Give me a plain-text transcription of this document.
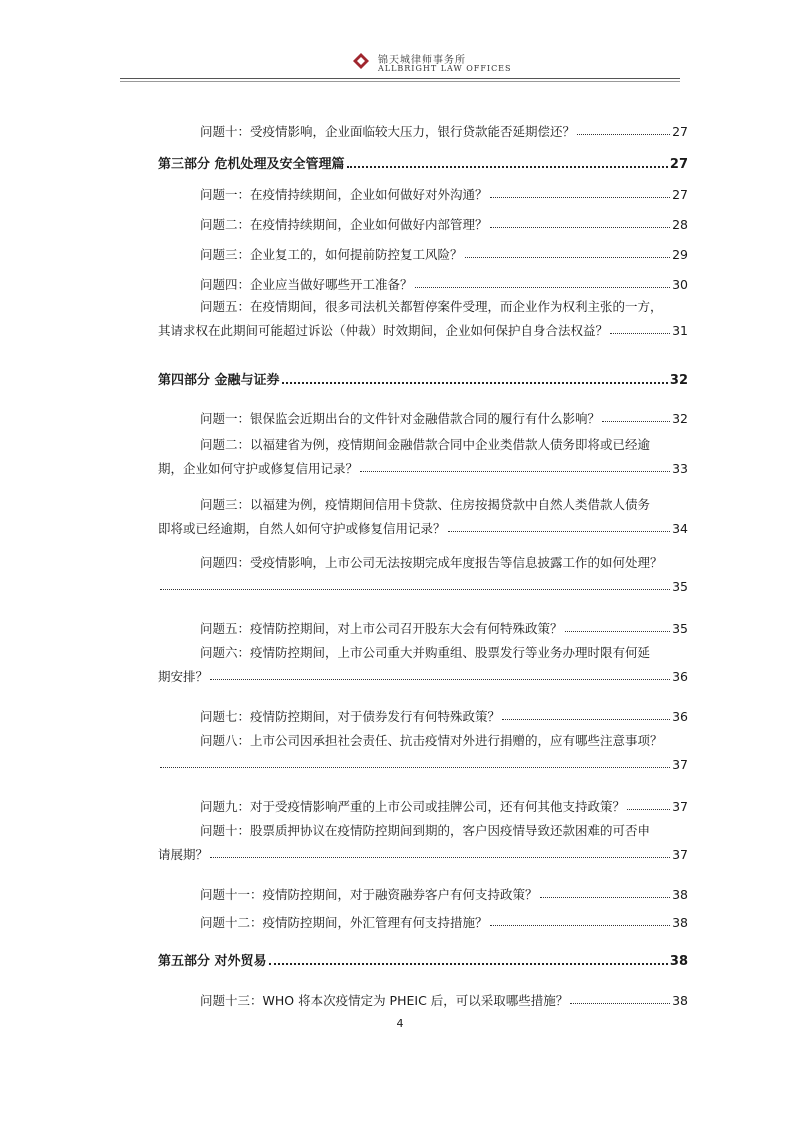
锦天城律师事务所
ALLBRIGHT LAW OFFICES
问题十：受疫情影响，企业面临较大压力，银行贷款能否延期偿还？	27
第三部分 危机处理及安全管理篇	27
问题一：在疫情持续期间，企业如何做好对外沟通？	27
问题二：在疫情持续期间，企业如何做好内部管理？	28
问题三：企业复工的，如何提前防控复工风险？	29
问题四：企业应当做好哪些开工准备？	30
问题五：在疫情期间，很多司法机关都暂停案件受理，而企业作为权利主张的一方，
其请求权在此期间可能超过诉讼（仲裁）时效期间，企业如何保护自身合法权益？	31
第四部分 金融与证券	32
问题一：银保监会近期出台的文件针对金融借款合同的履行有什么影响？	32
问题二：以福建省为例，疫情期间金融借款合同中企业类借款人债务即将或已经逾
期，企业如何守护或修复信用记录？	33
问题三：以福建为例，疫情期间信用卡贷款、住房按揭贷款中自然人类借款人债务
即将或已经逾期，自然人如何守护或修复信用记录？	34
问题四：受疫情影响，上市公司无法按期完成年度报告等信息披露工作的如何处理？
35
问题五：疫情防控期间，对上市公司召开股东大会有何特殊政策？	35
问题六：疫情防控期间，上市公司重大并购重组、股票发行等业务办理时限有何延
期安排？	36
问题七：疫情防控期间，对于债券发行有何特殊政策？	36
问题八：上市公司因承担社会责任、抗击疫情对外进行捐赠的，应有哪些注意事项？
37
问题九：对于受疫情影响严重的上市公司或挂牌公司，还有何其他支持政策？	37
问题十：股票质押协议在疫情防控期间到期的，客户因疫情导致还款困难的可否申
请展期？	37
问题十一：疫情防控期间，对于融资融券客户有何支持政策？	38
问题十二：疫情防控期间，外汇管理有何支持措施？	38
第五部分 对外贸易	38
问题十三：WHO 将本次疫情定为 PHEIC 后，可以采取哪些措施？	38
4
